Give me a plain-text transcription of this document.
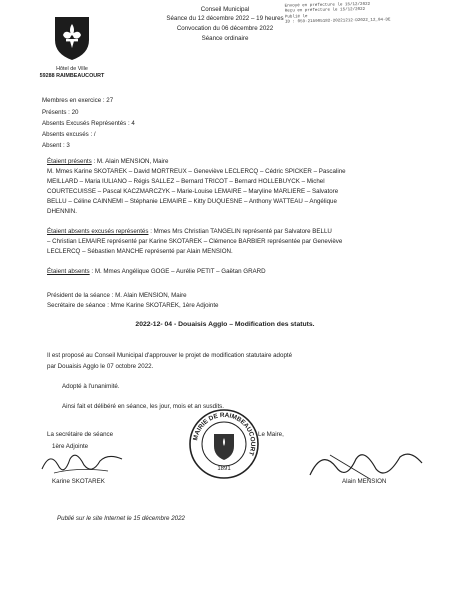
Envoyé en préfecture le 15/12/2022
Reçu en préfecture le 15/12/2022
Publié le
ID : 059-215905182-20221212-D2022_12_04-DE
Hôtel de Ville
59288 RAIMBEAUCOURT
Conseil Municipal
Séance du 12 décembre 2022 – 19 heures
Convocation du 06 décembre 2022
Séance ordinaire
Membres en exercice : 27
Présents : 20
Absents Excusés Représentés : 4
Absents excusés : /
Absent : 3
Étaient présents : M. Alain MENSION, Maire
M. Mmes Karine SKOTAREK – David MORTREUX – Geneviève LECLERCQ – Cédric SPICKER – Pascaline
MEILLARD – Maria IULIANO – Régis SALLEZ – Bernard TRICOT – Bernard HOLLEBUYCK – Michel
COURTECUISSE – Pascal KACZMARCZYK – Marie-Louise LEMAIRE – Maryline MARLIERE – Salvatore
BELLU – Céline CAINNEMI – Stéphanie LEMAIRE – Kitty DUQUESNE – Anthony WATTEAU – Angélique
DHENNIN.
Étaient absents excusés représentés : Mmes Mrs Christian TANGELIN représenté par Salvatore BELLU
– Christian LEMAIRE représenté par Karine SKOTAREK – Clémence BARBIER représentée par Geneviève
LECLERCQ – Sébastien MANCHE représenté par Alain MENSION.
Étaient absents : M. Mmes Angélique GOGE – Aurélie PETIT – Gaëtan GRARD
Président de la séance : M. Alain MENSION, Maire
Secrétaire de séance : Mme Karine SKOTAREK, 1ère Adjointe
2022-12- 04 - Douaisis Agglo – Modification des statuts.
Il est proposé au Conseil Municipal d'approuver le projet de modification statutaire adopté
par Douaisis Agglo le 07 octobre 2022.
Adopté à l'unanimité.
Ainsi fait et délibéré en séance, les jour, mois et an susdits.
La secrétaire de séance
1ère Adjointe
Le Maire,
MAIRIE DE RAIMBEAUCOURT
1891
Karine SKOTAREK	Alain MENSION
Publié sur le site Internet le 15 décembre 2022
